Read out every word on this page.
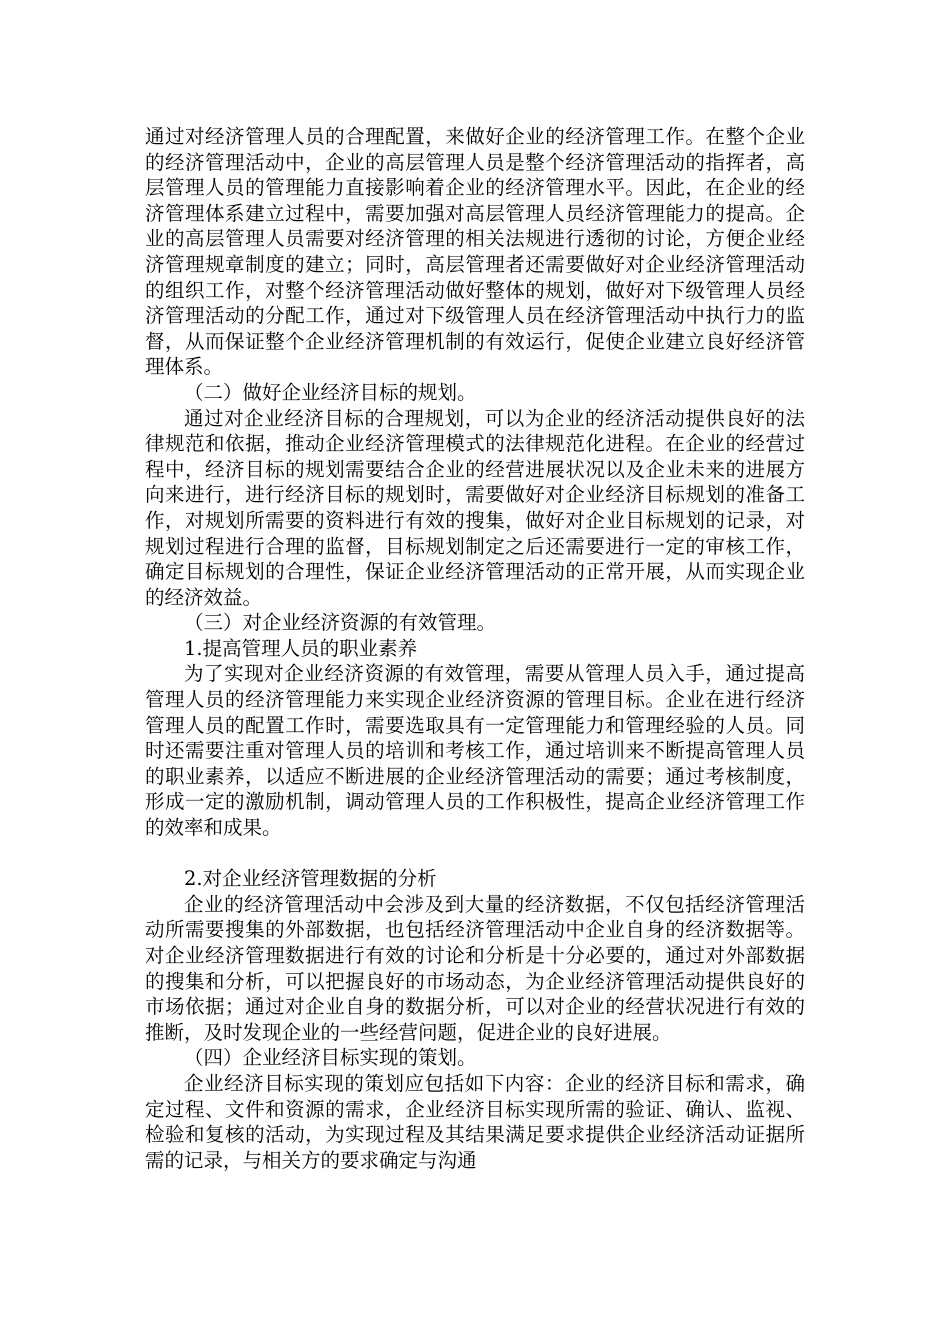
通过对经济管理人员的合理配置，来做好企业的经济管理工作。在整个企业的经济管理活动中，企业的高层管理人员是整个经济管理活动的指挥者，高层管理人员的管理能力直接影响着企业的经济管理水平。因此，在企业的经济管理体系建立过程中，需要加强对高层管理人员经济管理能力的提高。企业的高层管理人员需要对经济管理的相关法规进行透彻的讨论，方便企业经济管理规章制度的建立；同时，高层管理者还需要做好对企业经济管理活动的组织工作，对整个经济管理活动做好整体的规划，做好对下级管理人员经济管理活动的分配工作，通过对下级管理人员在经济管理活动中执行力的监督，从而保证整个企业经济管理机制的有效运行，促使企业建立良好经济管理体系。

（二）做好企业经济目标的规划。

通过对企业经济目标的合理规划，可以为企业的经济活动提供良好的法律规范和依据，推动企业经济管理模式的法律规范化进程。在企业的经营过程中，经济目标的规划需要结合企业的经营进展状况以及企业未来的进展方向来进行，进行经济目标的规划时，需要做好对企业经济目标规划的准备工作，对规划所需要的资料进行有效的搜集，做好对企业目标规划的记录，对规划过程进行合理的监督，目标规划制定之后还需要进行一定的审核工作，确定目标规划的合理性，保证企业经济管理活动的正常开展，从而实现企业的经济效益。

（三）对企业经济资源的有效管理。

1.提高管理人员的职业素养

为了实现对企业经济资源的有效管理，需要从管理人员入手，通过提高管理人员的经济管理能力来实现企业经济资源的管理目标。企业在进行经济管理人员的配置工作时，需要选取具有一定管理能力和管理经验的人员。同时还需要注重对管理人员的培训和考核工作，通过培训来不断提高管理人员的职业素养，以适应不断进展的企业经济管理活动的需要；通过考核制度，形成一定的激励机制，调动管理人员的工作积极性，提高企业经济管理工作的效率和成果。

2.对企业经济管理数据的分析

企业的经济管理活动中会涉及到大量的经济数据，不仅包括经济管理活动所需要搜集的外部数据，也包括经济管理活动中企业自身的经济数据等。对企业经济管理数据进行有效的讨论和分析是十分必要的，通过对外部数据的搜集和分析，可以把握良好的市场动态，为企业经济管理活动提供良好的市场依据；通过对企业自身的数据分析，可以对企业的经营状况进行有效的推断，及时发现企业的一些经营问题，促进企业的良好进展。

（四）企业经济目标实现的策划。

企业经济目标实现的策划应包括如下内容：企业的经济目标和需求，确定过程、文件和资源的需求，企业经济目标实现所需的验证、确认、监视、检验和复核的活动，为实现过程及其结果满足要求提供企业经济活动证据所需的记录，与相关方的要求确定与沟通
